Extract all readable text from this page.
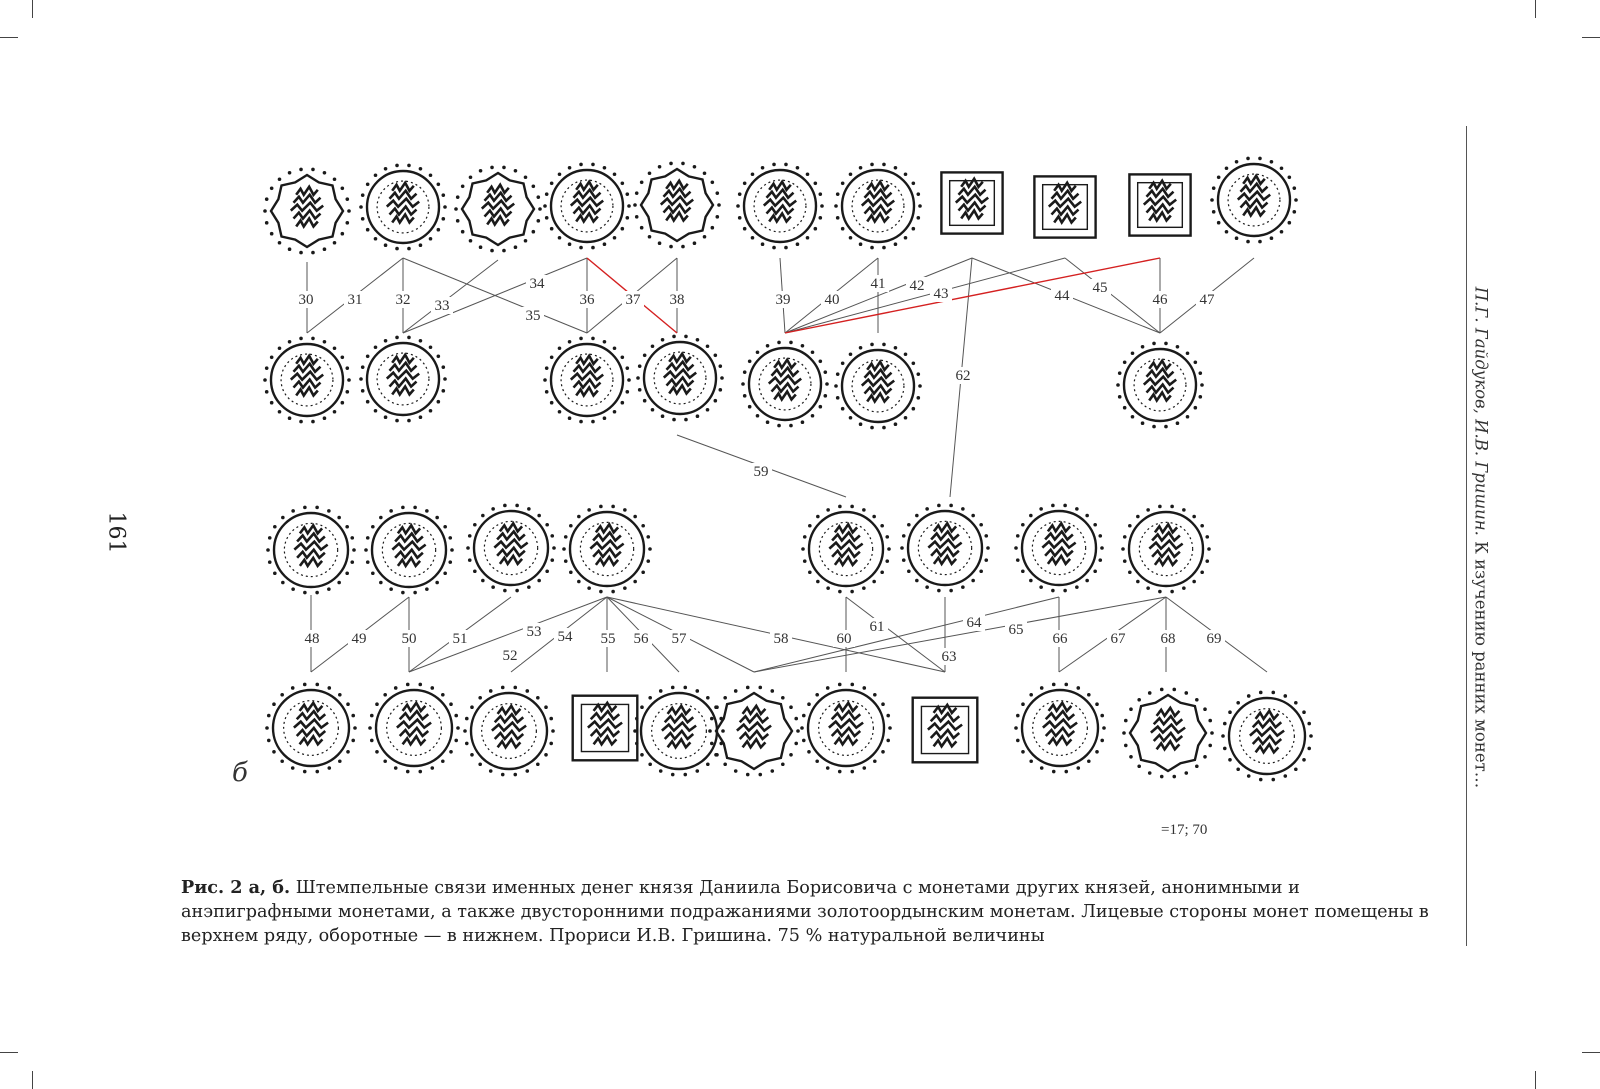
161
б
П.Г. Гайдуков, И.В. Гришин. К изучению ранних монет…
30 31 32 33
34
35
36 37 38	39 40
41 42 43	44 45
46 47
48 49 50 51
52
53 54 55 56 57	58
59
60
61
62
63
64 65
66	67 68 69
=17; 70
Рис. 2 а, б. Штемпельные связи именных денег князя Даниила Борисовича с монетами других князей, анонимными и анэпиграфными монетами, а также двусторонними подражаниями золотоордынским монетам. Лицевые стороны монет помещены в верхнем ряду, оборотные — в нижнем. Прориси И.В. Гришина. 75 % натуральной величины
